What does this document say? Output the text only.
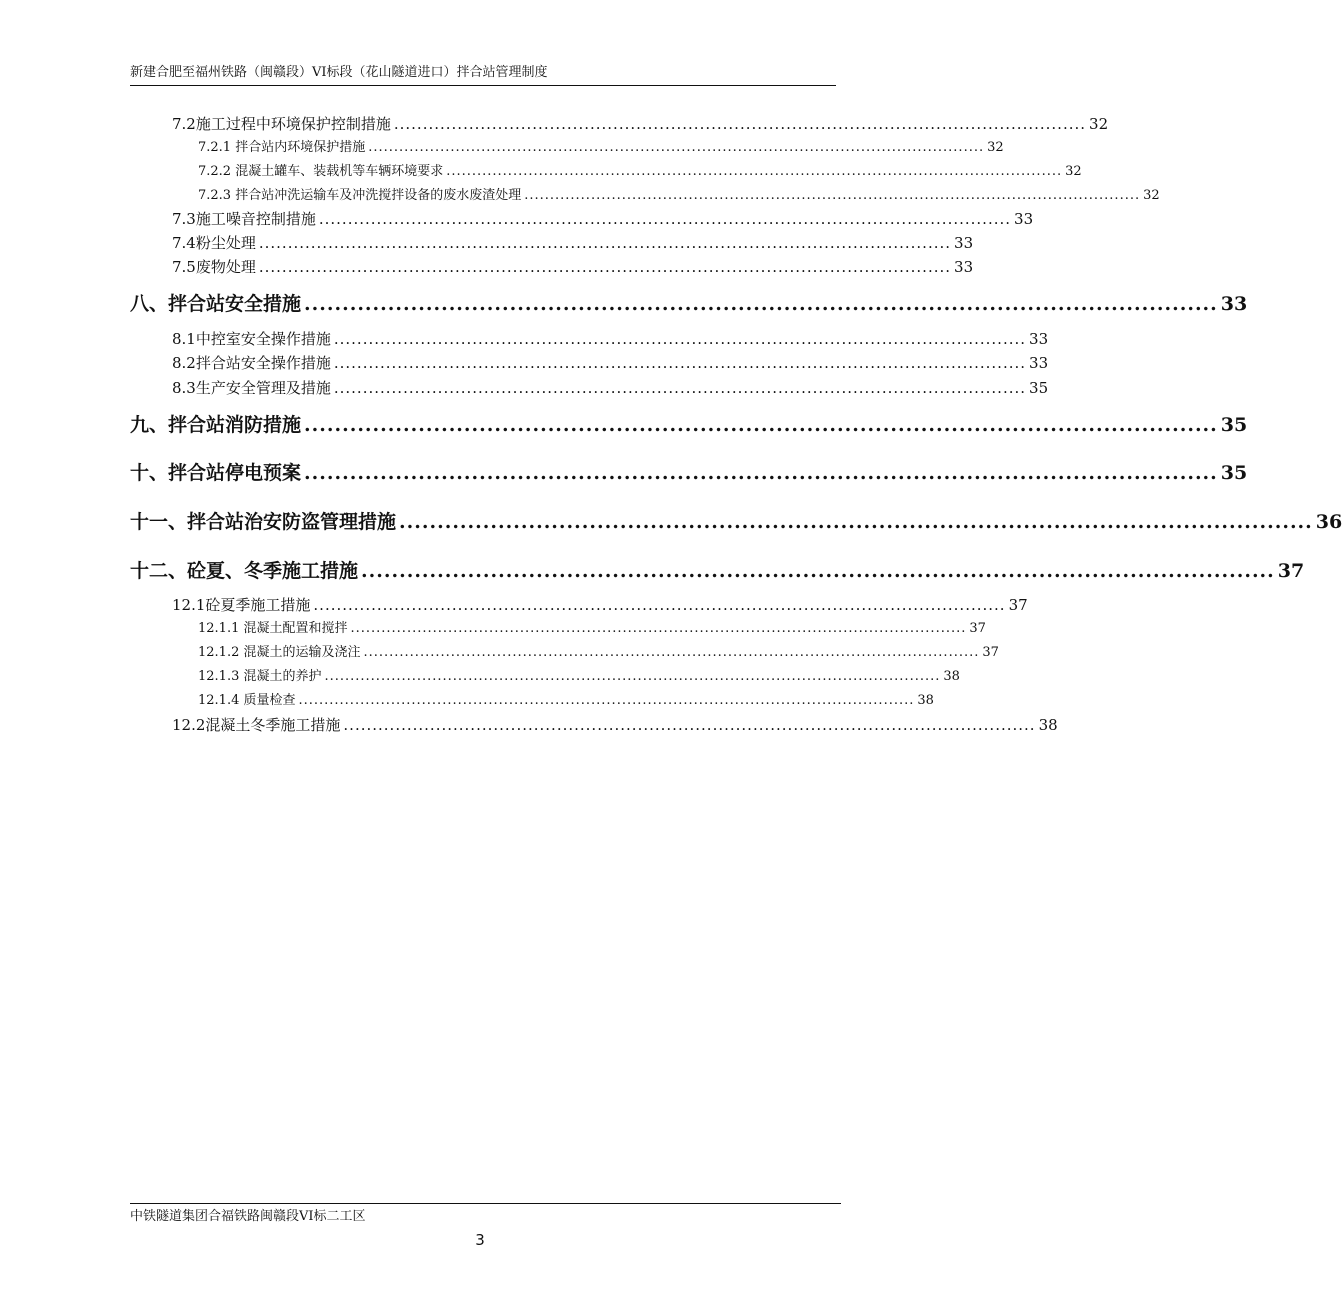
新建合肥至福州铁路（闽赣段）VI标段（花山隧道进口）拌合站管理制度
7.2施工过程中环境保护控制措施 ........................................................................................................................ 32
7.2.1 拌合站内环境保护措施 ........................................................................................................................ 32
7.2.2 混凝土罐车、装载机等车辆环境要求 ........................................................................................................................ 32
7.2.3 拌合站冲洗运输车及冲洗搅拌设备的废水废渣处理 ........................................................................................................................ 32
7.3施工噪音控制措施 ........................................................................................................................ 33
7.4粉尘处理 ........................................................................................................................ 33
7.5废物处理 ........................................................................................................................ 33
八、拌合站安全措施 ........................................................................................................................ 33
8.1中控室安全操作措施 ........................................................................................................................ 33
8.2拌合站安全操作措施 ........................................................................................................................ 33
8.3生产安全管理及措施 ........................................................................................................................ 35
九、拌合站消防措施 ........................................................................................................................ 35
十、拌合站停电预案 ........................................................................................................................ 35
十一、拌合站治安防盗管理措施 ........................................................................................................................ 36
十二、砼夏、冬季施工措施 ........................................................................................................................ 37
12.1砼夏季施工措施 ........................................................................................................................ 37
12.1.1 混凝土配置和搅拌 ........................................................................................................................ 37
12.1.2 混凝土的运输及浇注 ........................................................................................................................ 37
12.1.3 混凝土的养护 ........................................................................................................................ 38
12.1.4 质量检查 ........................................................................................................................ 38
12.2混凝土冬季施工措施 ........................................................................................................................ 38
中铁隧道集团合福铁路闽赣段VI标二工区
3
